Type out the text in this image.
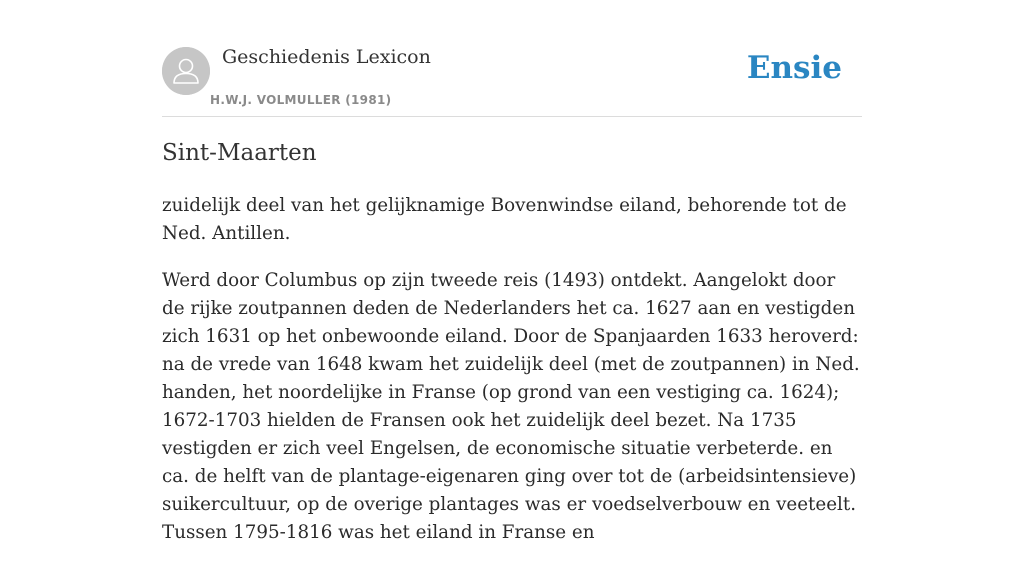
Geschiedenis Lexicon
H.W.J. VOLMULLER (1981)
Ensie
Sint-Maarten

zuidelijk deel van het gelijknamige Bovenwindse eiland, behorende tot de Ned. Antillen.

Werd door Columbus op zijn tweede reis (1493) ontdekt. Aangelokt door de rijke zoutpannen deden de Nederlanders het ca. 1627 aan en vestigden zich 1631 op het onbewoonde eiland. Door de Spanjaarden 1633 heroverd: na de vrede van 1648 kwam het zuidelijk deel (met de zoutpannen) in Ned. handen, het noordelijke in Franse (op grond van een vestiging ca. 1624); 1672-1703 hielden de Fransen ook het zuidelijk deel bezet. Na 1735 vestigden er zich veel Engelsen, de economische situatie verbeterde. en ca. de helft van de plantage-eigenaren ging over tot de (arbeidsintensieve) suikercultuur, op de overige plantages was er voedselverbouw en veeteelt. Tussen 1795-1816 was het eiland in Franse en
